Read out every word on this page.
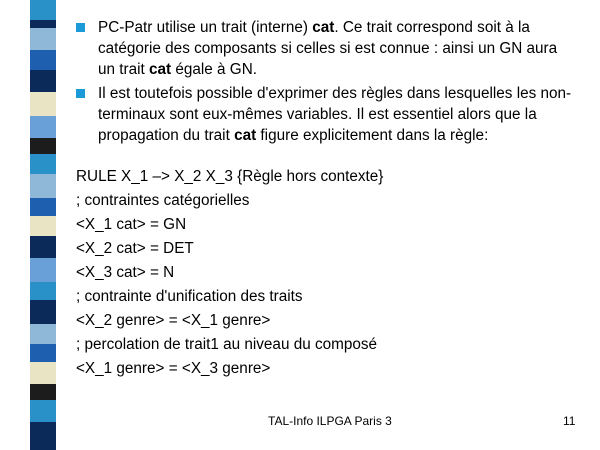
PC-Patr utilise un trait (interne) cat. Ce trait correspond soit à la catégorie des composants si celles si est connue : ainsi un GN aura un trait cat égale à GN.
Il est toutefois possible d'exprimer des règles dans lesquelles les non-terminaux sont eux-mêmes variables. Il est essentiel alors que la propagation du trait cat figure explicitement dans la règle:
RULE X_1 –> X_2 X_3 {Règle hors contexte}
; contraintes catégorielles
<X_1 cat> = GN
<X_2 cat> = DET
<X_3 cat> = N
; contrainte d'unification des traits
<X_2 genre> = <X_1 genre>
; percolation de trait1 au niveau du composé
<X_1 genre> = <X_3 genre>
TAL-Info ILPGA Paris 3	11
